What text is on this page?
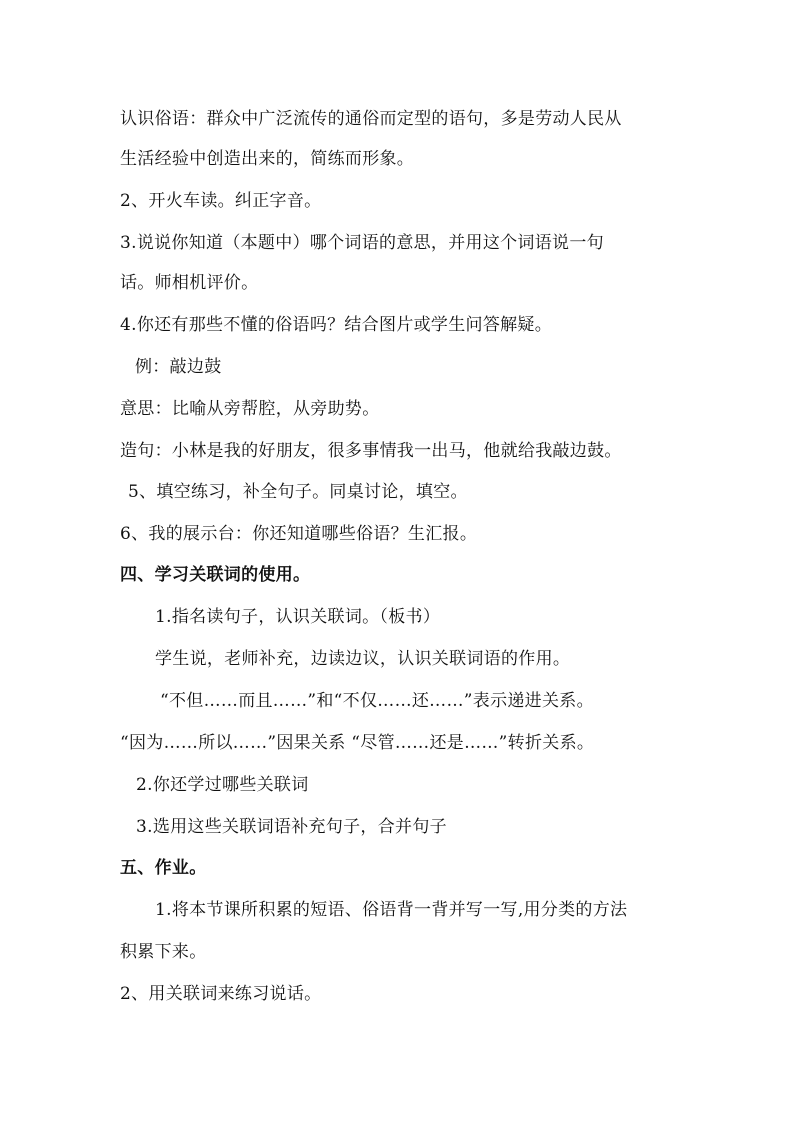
认识俗语：群众中广泛流传的通俗而定型的语句，多是劳动人民从
生活经验中创造出来的，简练而形象。
2、开火车读。纠正字音。
3.说说你知道（本题中）哪个词语的意思，并用这个词语说一句
话。师相机评价。
4.你还有那些不懂的俗语吗？结合图片或学生问答解疑。
例：敲边鼓
意思：比喻从旁帮腔，从旁助势。
造句：小林是我的好朋友，很多事情我一出马，他就给我敲边鼓。
5、填空练习，补全句子。同桌讨论，填空。
6、我的展示台：你还知道哪些俗语？生汇报。
四、学习关联词的使用。
1.指名读句子，认识关联词。（板书）
学生说，老师补充，边读边议，认识关联词语的作用。
“不但……而且……”和“不仅……还……”表示递进关系。
“因为……所以……”因果关系 “尽管……还是……”转折关系。
2.你还学过哪些关联词
3.选用这些关联词语补充句子，合并句子
五、作业。
1.将本节课所积累的短语、俗语背一背并写一写,用分类的方法
积累下来。
2、用关联词来练习说话。
